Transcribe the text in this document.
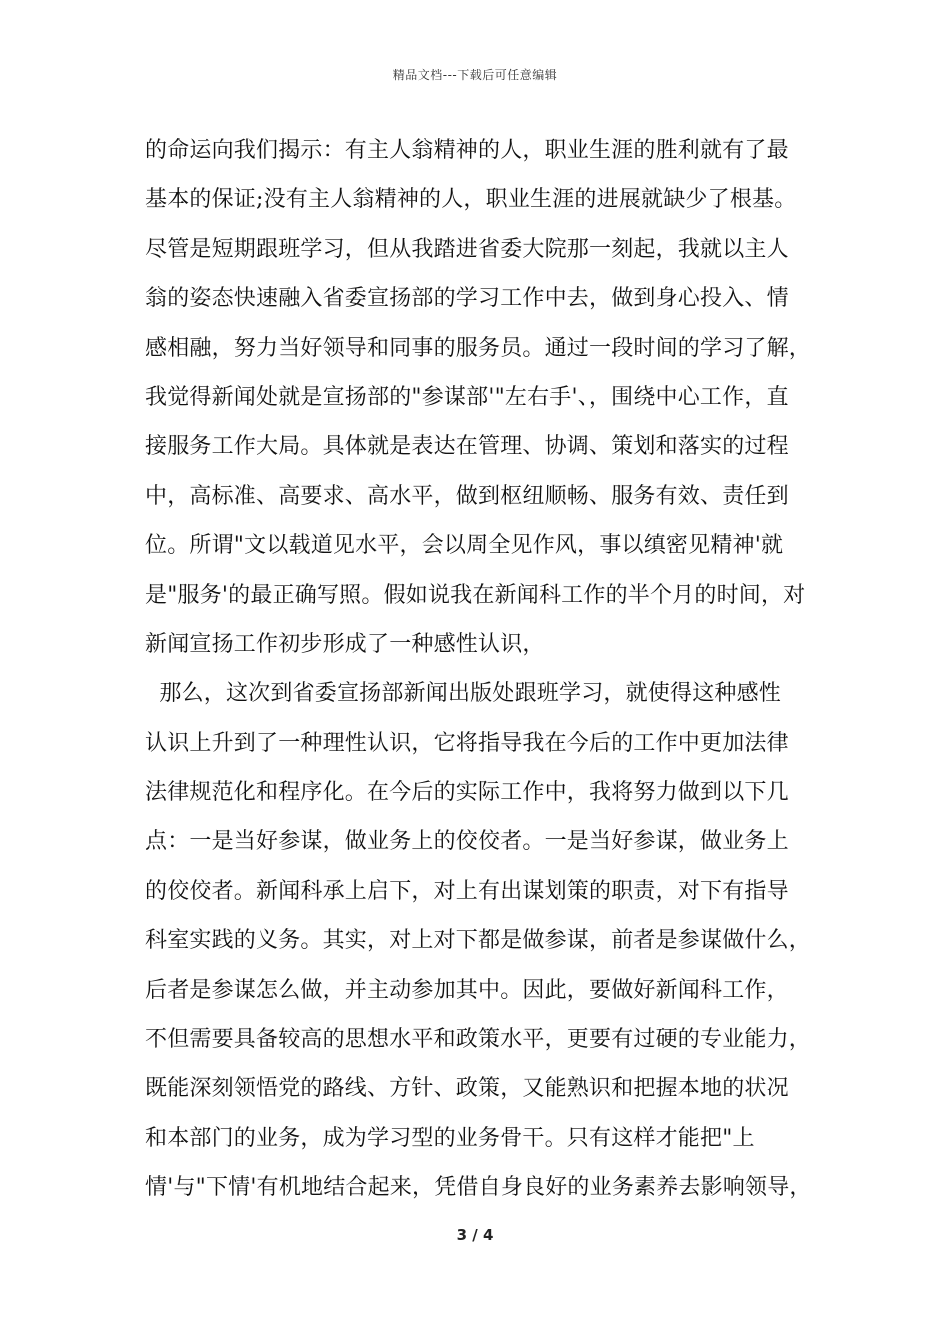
精品文档---下载后可任意编辑
的命运向我们揭示：有主人翁精神的人，职业生涯的胜利就有了最
基本的保证;没有主人翁精神的人，职业生涯的进展就缺少了根基。
尽管是短期跟班学习，但从我踏进省委大院那一刻起，我就以主人
翁的姿态快速融入省委宣扬部的学习工作中去，做到身心投入、情
感相融，努力当好领导和同事的服务员。通过一段时间的学习了解，
我觉得新闻处就是宣扬部的"参谋部'"左右手'、，围绕中心工作，直
接服务工作大局。具体就是表达在管理、协调、策划和落实的过程
中，高标准、高要求、高水平，做到枢纽顺畅、服务有效、责任到
位。所谓"文以载道见水平，会以周全见作风，事以缜密见精神'就
是"服务'的最正确写照。假如说我在新闻科工作的半个月的时间，对
新闻宣扬工作初步形成了一种感性认识，
那么，这次到省委宣扬部新闻出版处跟班学习，就使得这种感性
认识上升到了一种理性认识，它将指导我在今后的工作中更加法律
法律规范化和程序化。在今后的实际工作中，我将努力做到以下几
点：一是当好参谋，做业务上的佼佼者。一是当好参谋，做业务上
的佼佼者。新闻科承上启下，对上有出谋划策的职责，对下有指导
科室实践的义务。其实，对上对下都是做参谋，前者是参谋做什么，
后者是参谋怎么做，并主动参加其中。因此，要做好新闻科工作，
不但需要具备较高的思想水平和政策水平，更要有过硬的专业能力，
既能深刻领悟党的路线、方针、政策，又能熟识和把握本地的状况
和本部门的业务，成为学习型的业务骨干。只有这样才能把"上
情'与"下情'有机地结合起来，凭借自身良好的业务素养去影响领导，
3 / 4
